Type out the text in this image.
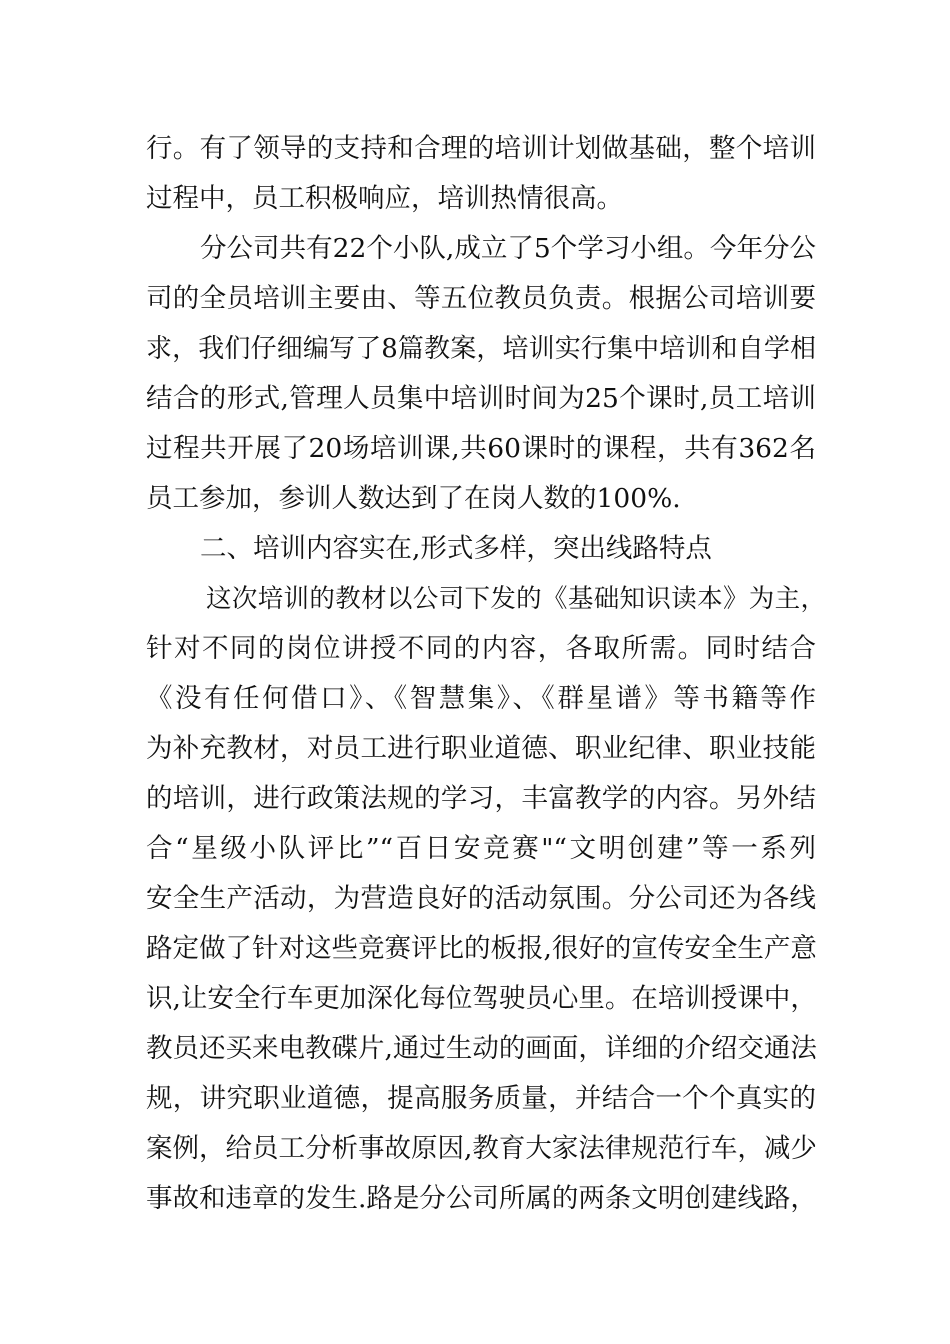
行。有了领导的支持和合理的培训计划做基础，整个培训
过程中，员工积极响应，培训热情很高。
分公司共有22个小队,成立了5个学习小组。今年分公
司的全员培训主要由、等五位教员负责。根据公司培训要
求，我们仔细编写了8篇教案，培训实行集中培训和自学相
结合的形式,管理人员集中培训时间为25个课时,员工培训
过程共开展了20场培训课,共60课时的课程，共有362名
员工参加，参训人数达到了在岗人数的100%.
二、培训内容实在,形式多样，突出线路特点
这次培训的教材以公司下发的《基础知识读本》为主，
针对不同的岗位讲授不同的内容，各取所需。同时结合
《没有任何借口》、《智慧集》、《群星谱》等书籍等作
为补充教材，对员工进行职业道德、职业纪律、职业技能
的培训，进行政策法规的学习，丰富教学的内容。另外结
合“星级小队评比”“百日安竞赛"“文明创建”等一系列
安全生产活动，为营造良好的活动氛围。分公司还为各线
路定做了针对这些竞赛评比的板报,很好的宣传安全生产意
识,让安全行车更加深化每位驾驶员心里。在培训授课中，
教员还买来电教碟片,通过生动的画面，详细的介绍交通法
规，讲究职业道德，提高服务质量，并结合一个个真实的
案例，给员工分析事故原因,教育大家法律规范行车，减少
事故和违章的发生.路是分公司所属的两条文明创建线路，
